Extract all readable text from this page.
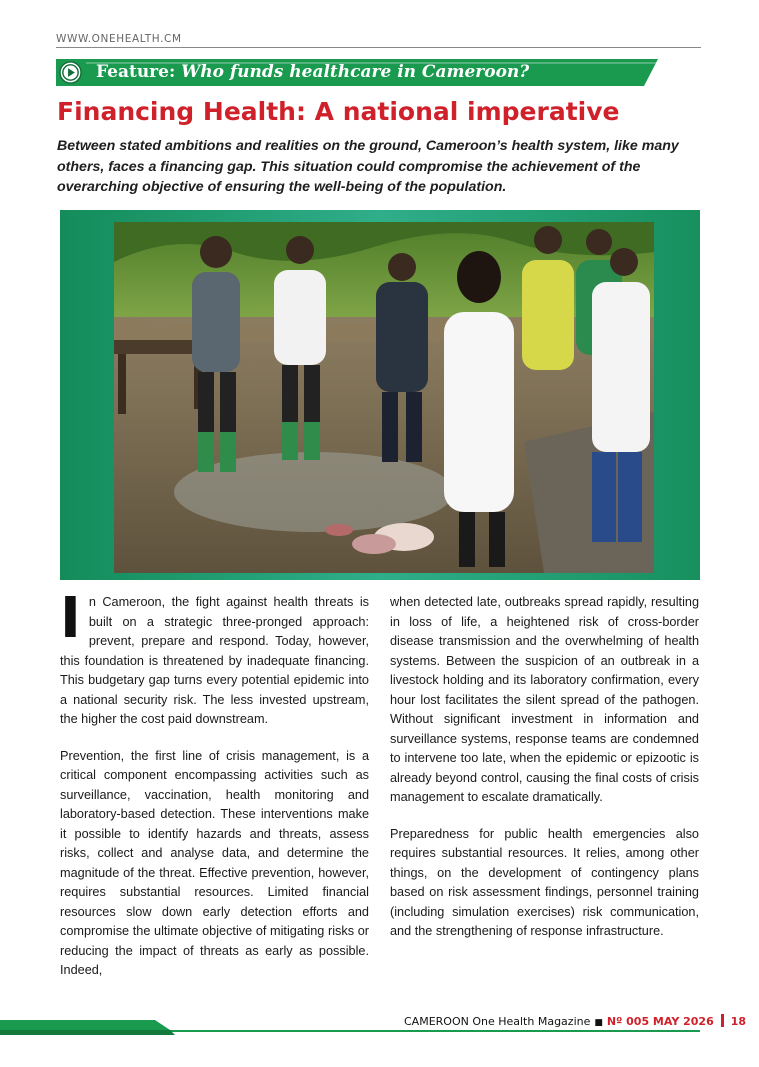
WWW.ONEHEALTH.CM
Feature: Who funds healthcare in Cameroon?
Financing Health: A national imperative
Between stated ambitions and realities on the ground, Cameroon’s health system, like many others, faces a financing gap. This situation could compromise the achievement of the overarching objective of ensuring the well-being of the population.

In Cameroon, the fight against health threats is built on a strategic three-pronged approach: prevent, prepare and respond. Today, however, this foundation is threatened by inadequate financing. This budgetary gap turns every potential epidemic into a national security risk. The less invested upstream, the higher the cost paid downstream.

Prevention, the first line of crisis management, is a critical component encompassing activities such as surveillance, vaccination, health monitoring and laboratory-based detection. These interventions make it possible to identify hazards and threats, assess risks, collect and analyse data, and determine the magnitude of the threat. Effective prevention, however, requires substantial resources. Limited financial resources slow down early detection efforts and compromise the ultimate objective of mitigating risks or reducing the impact of threats as early as possible. Indeed,

when detected late, outbreaks spread rapidly, resulting in loss of life, a heightened risk of cross-border disease transmission and the overwhelming of health systems. Between the suspicion of an outbreak in a livestock holding and its laboratory confirmation, every hour lost facilitates the silent spread of the pathogen. Without significant investment in information and surveillance systems, response teams are condemned to intervene too late, when the epidemic or epizootic is already beyond control, causing the final costs of crisis management to escalate dramatically.

Preparedness for public health emergencies also requires substantial resources. It relies, among other things, on the development of contingency plans based on risk assessment findings, personnel training (including simulation exercises) risk communication, and the strengthening of response infrastructure.

CAMEROON One Health Magazine ■ Nº 005 MAY 2026 18
